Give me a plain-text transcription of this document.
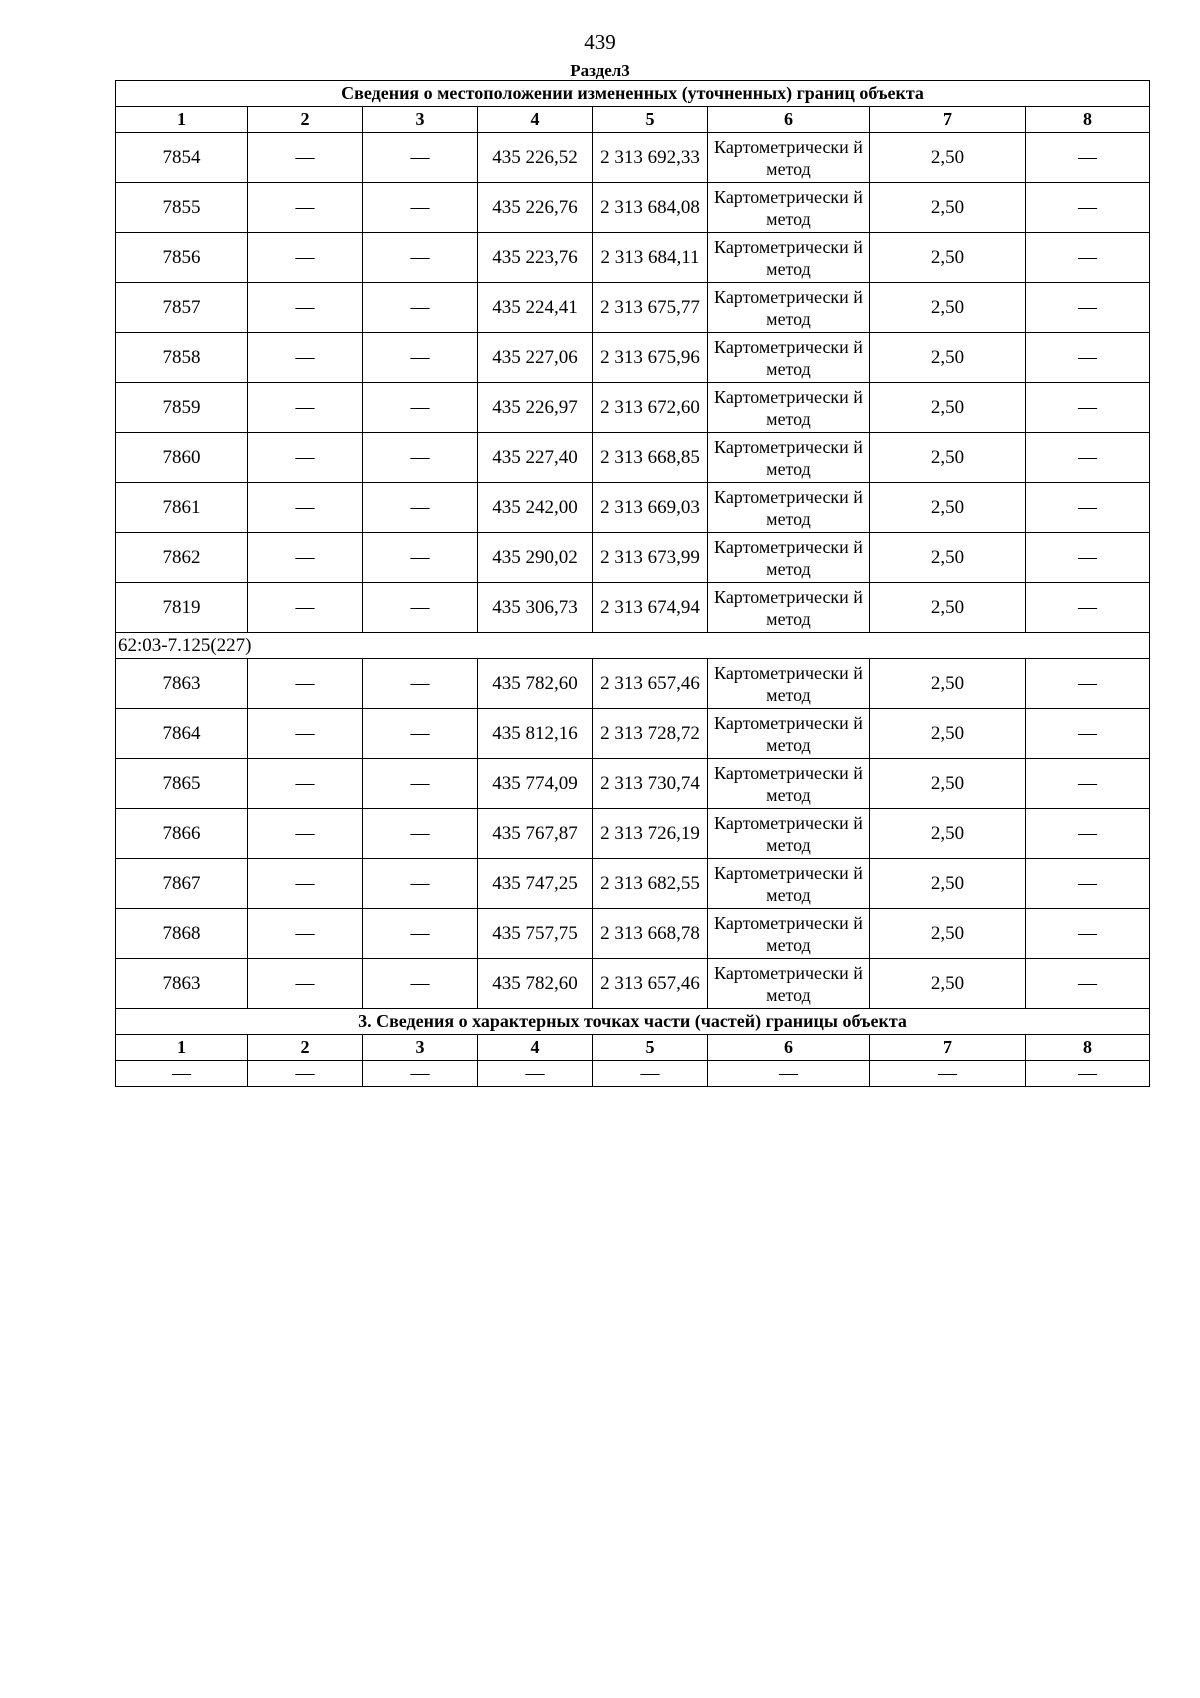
439
Раздел3
Сведения о местоположении измененных (уточненных) границ объекта							
1	2	3	4	5	6	7	8
7854	—	—	435 226,52	2 313 692,33	Картометрически й метод	2,50	—
7855	—	—	435 226,76	2 313 684,08	Картометрически й метод	2,50	—
7856	—	—	435 223,76	2 313 684,11	Картометрически й метод	2,50	—
7857	—	—	435 224,41	2 313 675,77	Картометрически й метод	2,50	—
7858	—	—	435 227,06	2 313 675,96	Картометрически й метод	2,50	—
7859	—	—	435 226,97	2 313 672,60	Картометрически й метод	2,50	—
7860	—	—	435 227,40	2 313 668,85	Картометрически й метод	2,50	—
7861	—	—	435 242,00	2 313 669,03	Картометрически й метод	2,50	—
7862	—	—	435 290,02	2 313 673,99	Картометрически й метод	2,50	—
7819	—	—	435 306,73	2 313 674,94	Картометрически й метод	2,50	—
62:03-7.125(227)							
7863	—	—	435 782,60	2 313 657,46	Картометрически й метод	2,50	—
7864	—	—	435 812,16	2 313 728,72	Картометрически й метод	2,50	—
7865	—	—	435 774,09	2 313 730,74	Картометрически й метод	2,50	—
7866	—	—	435 767,87	2 313 726,19	Картометрически й метод	2,50	—
7867	—	—	435 747,25	2 313 682,55	Картометрически й метод	2,50	—
7868	—	—	435 757,75	2 313 668,78	Картометрически й метод	2,50	—
7863	—	—	435 782,60	2 313 657,46	Картометрически й метод	2,50	—
3. Сведения о характерных точках части (частей) границы объекта							
1	2	3	4	5	6	7	8
—	—	—	—	—	—	—	—
